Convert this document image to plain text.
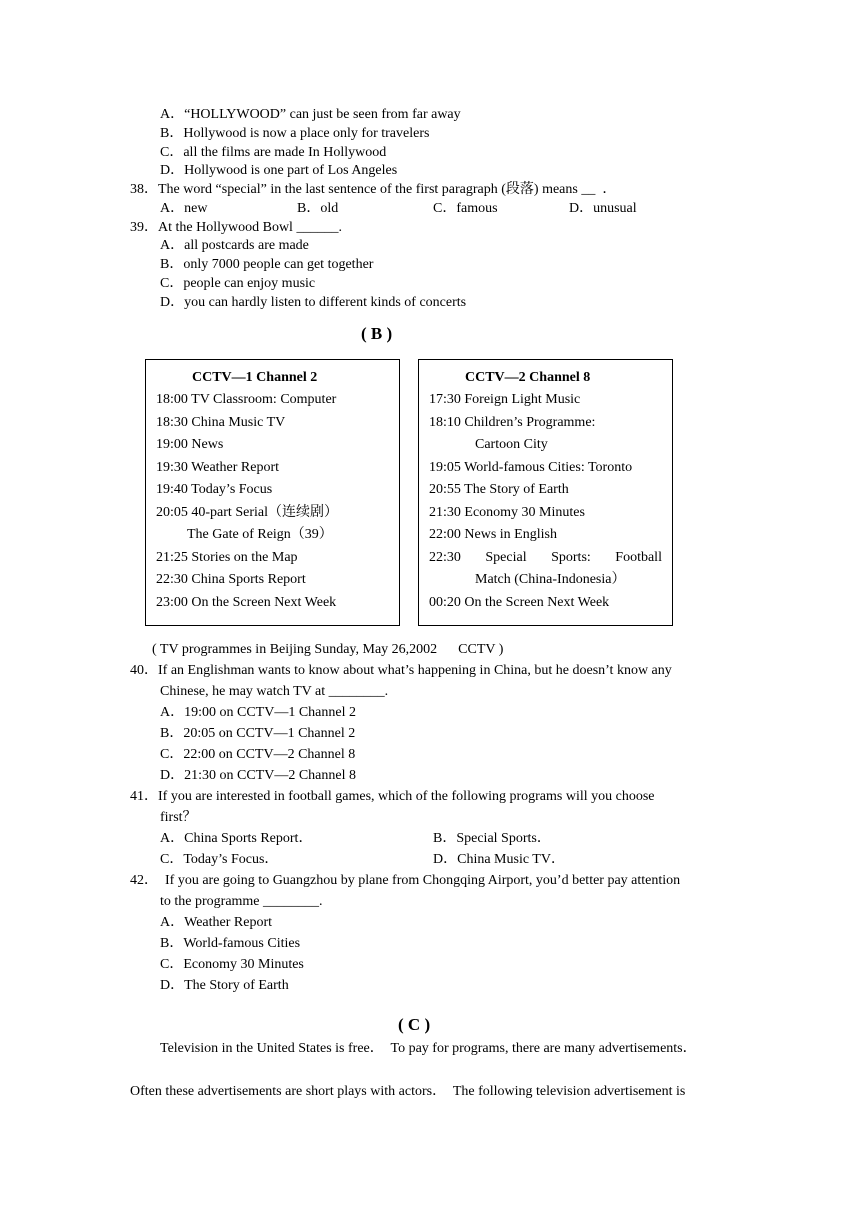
A．“HOLLYWOOD” can just be seen from far away
B．Hollywood is now a place only for travelers
C．all the films are made In Hollywood
D．Hollywood is one part of Los Angeles
38．The word “special” in the last sentence of the first paragraph (段落) means __  ．
A．new	B．old	C．famous	D．unusual
39．At the Hollywood Bowl ______.
A．all postcards are made
B．only 7000 people can get together
C．people can enjoy music
D．you can hardly listen to different kinds of concerts
( B )
CCTV—1 Channel 2
18:00 TV Classroom: Computer
18:30 China Music TV
19:00 News
19:30 Weather Report
19:40 Today’s Focus
20:05 40-part Serial（连续剧）
The Gate of Reign（39）
21:25 Stories on the Map
22:30 China Sports Report
23:00 On the Screen Next Week
CCTV—2 Channel 8
17:30 Foreign Light Music
18:10 Children’s Programme:
Cartoon City
19:05 World-famous Cities: Toronto
20:55 The Story of Earth
21:30 Economy 30 Minutes
22:00 News in English
22:30 Special Sports: Football
Match (China-Indonesia）
00:20 On the Screen Next Week
( TV programmes in Beijing Sunday, May 26,2002      CCTV )
40．If an Englishman wants to know about what’s happening in China, but he doesn’t know any
Chinese, he may watch TV at ________.
A．19:00 on CCTV—1 Channel 2
B．20:05 on CCTV—1 Channel 2
C．22:00 on CCTV—2 Channel 8
D．21:30 on CCTV—2 Channel 8
41．If you are interested in football games, which of the following programs will you choose
first？
A．China Sports Report．	B．Special Sports．
C．Today’s Focus．	D．China Music TV．
42．  If you are going to Guangzhou by plane from Chongqing Airport, you’d better pay attention
to the programme ________.
A．Weather Report
B．World-famous Cities
C．Economy 30 Minutes
D．The Story of Earth
( C )
Television in the United States is free．  To pay for programs, there are many advertisements．
Often these advertisements are short plays with actors．  The following television advertisement is
